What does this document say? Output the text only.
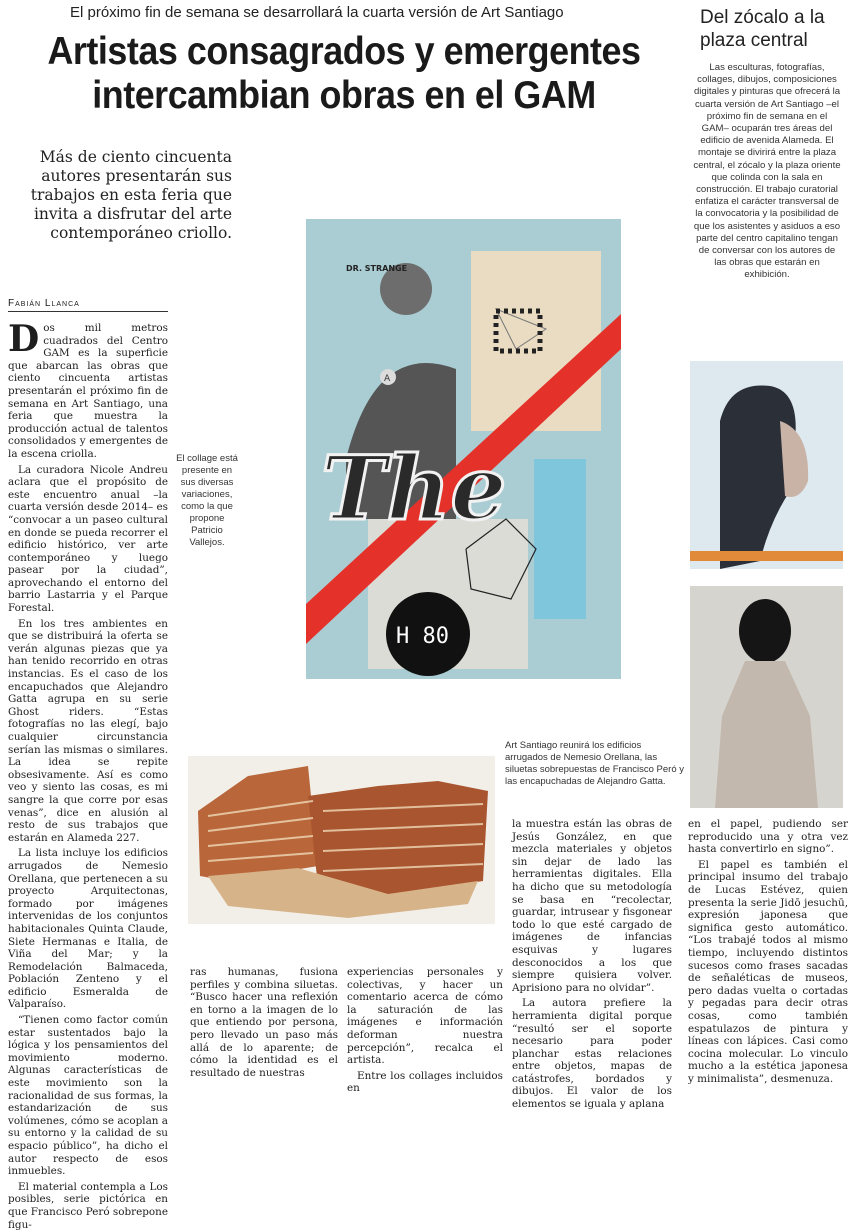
El próximo fin de semana se desarrollará la cuarta versión de Art Santiago
Artistas consagrados y emergentes
intercambian obras en el GAM
Más de ciento cincuenta autores presentarán sus trabajos en esta feria que invita a disfrutar del arte contemporáneo criollo.
Fabián Llanca

Dos mil metros cuadrados del Centro GAM es la superficie que abarcan las obras que ciento cincuenta artistas presentarán el próximo fin de semana en Art Santiago, una feria que muestra la producción actual de talentos consolidados y emergentes de la escena criolla.

La curadora Nicole Andreu aclara que el propósito de este encuentro anual –la cuarta versión desde 2014– es “convocar a un paseo cultural en donde se pueda recorrer el edificio histórico, ver arte contemporáneo y luego pasear por la ciudad”, aprovechando el entorno del barrio Lastarria y el Parque Forestal.

En los tres ambientes en que se distribuirá la oferta se verán algunas piezas que ya han tenido recorrido en otras instancias. Es el caso de los encapuchados que Alejandro Gatta agrupa en su serie Ghost riders. “Estas fotografías no las elegí, bajo cualquier circunstancia serían las mismas o similares. La idea se repite obsesivamente. Así es como veo y siento las cosas, es mi sangre la que corre por esas venas”, dice en alusión al resto de sus trabajos que estarán en Alameda 227.

La lista incluye los edificios arrugados de Nemesio Orellana, que pertenecen a su proyecto Arquitectonas, formado por imágenes intervenidas de los conjuntos habitacionales Quinta Claude, Siete Hermanas e Italia, de Viña del Mar; y la Remodelación Balmaceda, Población Zenteno y el edificio Esmeralda de Valparaíso.

“Tienen como factor común estar sustentados bajo la lógica y los pensamientos del movimiento moderno. Algunas características de este movimiento son la racionalidad de sus formas, la estandarización de sus volúmenes, cómo se acoplan a su entorno y la calidad de su espacio público”, ha dicho el autor respecto de esos inmuebles.

El material contempla a Los posibles, serie pictórica en que Francisco Peró sobrepone figu-

El collage está presente en sus diversas variaciones, como la que propone Patricio Vallejos.
The
H 80
DR. STRANGE
A
Art Santiago reunirá los edificios arrugados de Nemesio Orellana, las siluetas sobrepuestas de Francisco Peró y las encapuchadas de Alejandro Gatta.

ras humanas, fusiona perfiles y combina siluetas. “Busco hacer una reflexión en torno a la imagen de lo que entiendo por persona, pero llevado un paso más allá de lo aparente; de cómo la identidad es el resultado de nuestras

experiencias personales y colectivas, y hacer un comentario acerca de cómo la saturación de las imágenes e información deforman nuestra percepción”, recalca el artista.

Entre los collages incluidos en

la muestra están las obras de Jesús González, en que mezcla materiales y objetos sin dejar de lado las herramientas digitales. Ella ha dicho que su metodología se basa en “recolectar, guardar, intrusear y fisgonear todo lo que esté cargado de imágenes de infancias esquivas y lugares desconocidos a los que siempre quisiera volver. Aprisiono para no olvidar”.

La autora prefiere la herramienta digital porque “resultó ser el soporte necesario para poder planchar estas relaciones entre objetos, mapas de catástrofes, bordados y dibujos. El valor de los elementos se iguala y aplana

en el papel, pudiendo ser reproducido una y otra vez hasta convertirlo en signo”.

El papel es también el principal insumo del trabajo de Lucas Estévez, quien presenta la serie Jidō jesuchū, expresión japonesa que significa gesto automático. “Los trabajé todos al mismo tiempo, incluyendo distintos sucesos como frases sacadas de señaléticas de museos, pero dadas vuelta o cortadas y pegadas para decir otras cosas, como también espatulazos de pintura y líneas con lápices. Casi como cocina molecular. Lo vinculo mucho a la estética japonesa y minimalista”, desmenuza.

Del zócalo a la plaza central
Las esculturas, fotografías, collages, dibujos, composiciones digitales y pinturas que ofrecerá la cuarta versión de Art Santiago –el próximo fin de semana en el GAM– ocuparán tres áreas del edificio de avenida Alameda. El montaje se divirirá entre la plaza central, el zócalo y la plaza oriente que colinda con la sala en construcción. El trabajo curatorial enfatiza el carácter transversal de la convocatoria y la posibilidad de que los asistentes y asiduos a eso parte del centro capitalino tengan de conversar con los autores de las obras que estarán en exhibición.
